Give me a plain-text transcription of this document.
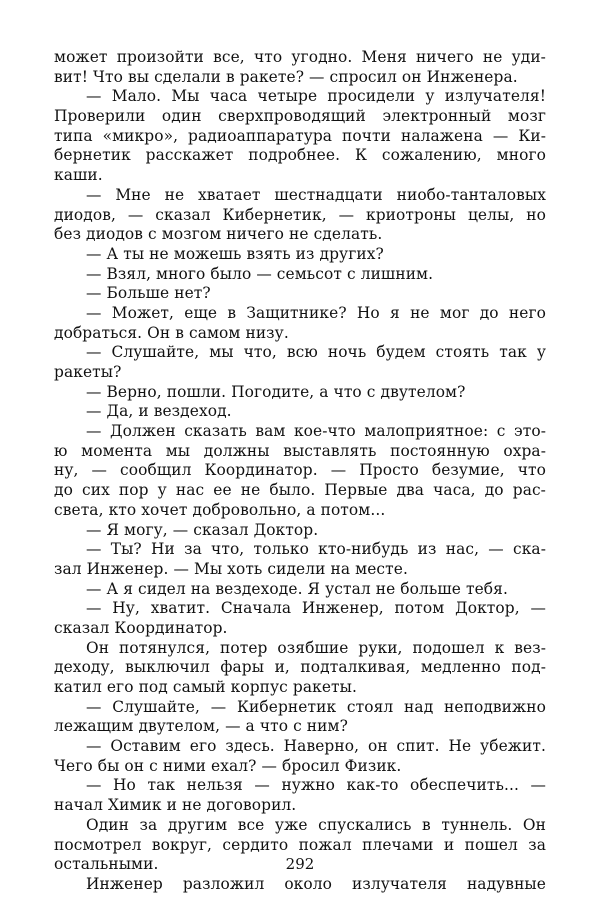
может произойти все, что угодно. Меня ничего не уди-
вит! Что вы сделали в ракете? — спросил он Инженера.
— Мало. Мы часа четыре просидели у излучателя!
Проверили один сверхпроводящий электронный мозг
типа «микро», радиоаппаратура почти налажена — Ки-
бернетик расскажет подробнее. К сожалению, много
каши.
— Мне не хватает шестнадцати ниобо-танталовых
диодов, — сказал Кибернетик, — криотроны целы, но
без диодов с мозгом ничего не сделать.
— А ты не можешь взять из других?
— Взял, много было — семьсот с лишним.
— Больше нет?
— Может, еще в Защитнике? Но я не мог до него
добраться. Он в самом низу.
— Слушайте, мы что, всю ночь будем стоять так у
ракеты?
— Верно, пошли. Погодите, а что с двутелом?
— Да, и вездеход.
— Должен сказать вам кое-что малоприятное: с это-
ю момента мы должны выставлять постоянную охра-
ну, — сообщил Координатор. — Просто безумие, что
до сих пор у нас ее не было. Первые два часа, до рас-
света, кто хочет добровольно, а потом...
— Я могу, — сказал Доктор.
— Ты? Ни за что, только кто-нибудь из нас, — ска-
зал Инженер. — Мы хоть сидели на месте.
— А я сидел на вездеходе. Я устал не больше тебя.
— Ну, хватит. Сначала Инженер, потом Доктор, —
сказал Координатор.
Он потянулся, потер озябшие руки, подошел к вез-
деходу, выключил фары и, подталкивая, медленно под-
катил его под самый корпус ракеты.
— Слушайте, — Кибернетик стоял над неподвижно
лежащим двутелом, — а что с ним?
— Оставим его здесь. Наверно, он спит. Не убежит.
Чего бы он с ними ехал? — бросил Физик.
— Но так нельзя — нужно как-то обеспечить... —
начал Химик и не договорил.
Один за другим все уже спускались в туннель. Он
посмотрел вокруг, сердито пожал плечами и пошел за
остальными.
Инженер разложил около излучателя надувные
292
